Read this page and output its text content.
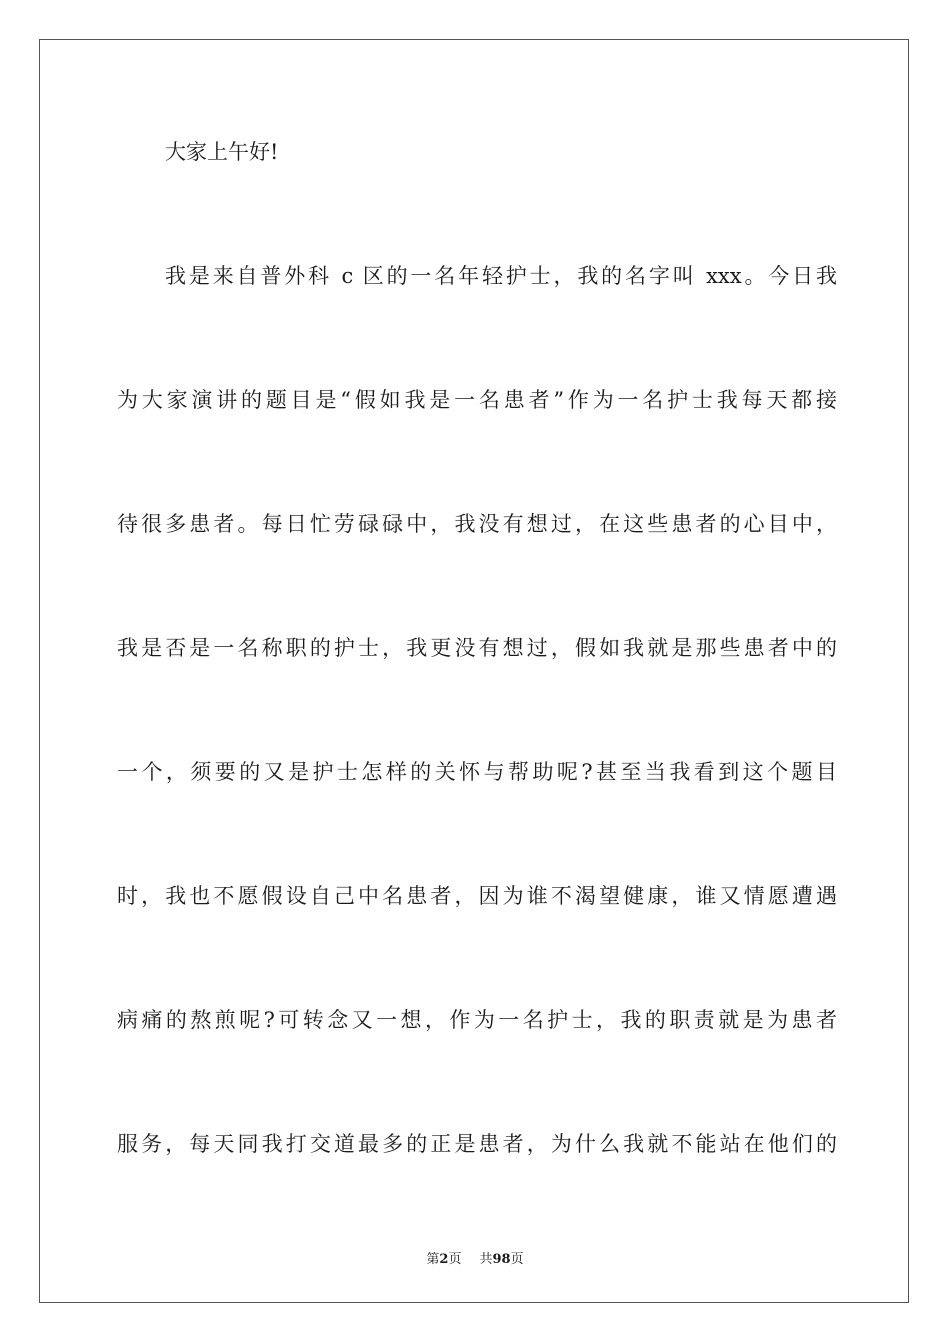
大家上午好!
我是来自普外科 c 区的一名年轻护士，我的名字叫 xxx。今日我
为大家演讲的题目是“假如我是一名患者”作为一名护士我每天都接
待很多患者。每日忙劳碌碌中，我没有想过，在这些患者的心目中，
我是否是一名称职的护士，我更没有想过，假如我就是那些患者中的
一个，须要的又是护士怎样的关怀与帮助呢?甚至当我看到这个题目
时，我也不愿假设自己中名患者，因为谁不渴望健康，谁又情愿遭遇
病痛的熬煎呢?可转念又一想，作为一名护士，我的职责就是为患者
服务，每天同我打交道最多的正是患者，为什么我就不能站在他们的
第2页 共98页
